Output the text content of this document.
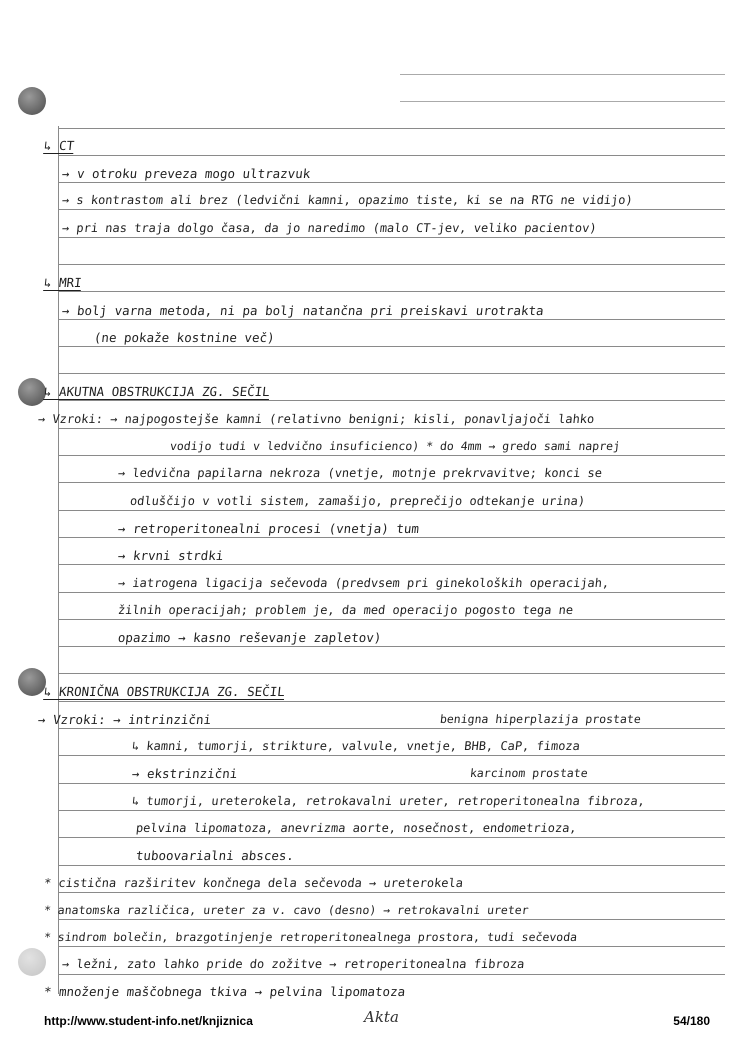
↳ CT
→ v otroku preveza mogo ultrazvuk
→ s kontrastom ali brez (ledvični kamni, opazimo tiste, ki se na RTG ne vidijo)
→ pri nas traja dolgo časa, da jo naredimo (malo CT-jev, veliko pacientov)
↳ MRI
→ bolj varna metoda, ni pa bolj natančna pri preiskavi urotrakta
(ne pokaže kostnine več)
↳ AKUTNA OBSTRUKCIJA ZG. SEČIL
→ Vzroki: → najpogostejše kamni (relativno benigni; kisli, ponavljajoči lahko
vodijo tudi v ledvično insuficienco) * do 4mm → gredo sami naprej
→ ledvična papilarna nekroza (vnetje, motnje prekrvavitve; konci se
odluščijo v votli sistem, zamašijo, preprečijo odtekanje urina)
→ retroperitonealni procesi (vnetja) tum
→ krvni strdki
→ iatrogena ligacija sečevoda (predvsem pri ginekoloških operacijah,
žilnih operacijah; problem je, da med operacijo pogosto tega ne
opazimo → kasno reševanje zapletov)
↳ KRONIČNA OBSTRUKCIJA ZG. SEČIL
→ Vzroki: → intrinzični	benigna hiperplazija prostate
↳ kamni, tumorji, strikture, valvule, vnetje, BHB, CaP, fimoza
→ ekstrinzični	karcinom prostate
↳ tumorji, ureterokela, retrokavalni ureter, retroperitonealna fibroza,
pelvina lipomatoza, anevrizma aorte, nosečnost, endometrioza,
tuboovarialni absces.
* cistična razširitev končnega dela sečevoda → ureterokela
* anatomska različica, ureter za v. cavo (desno) → retrokavalni ureter
* sindrom bolečin, brazgotinjenje retroperitonealnega prostora, tudi sečevoda
→ ležni, zato lahko pride do zožitve → retroperitonealna fibroza
* množenje maščobnega tkiva → pelvina lipomatoza
http://www.student-info.net/knjiznica	Akta	54/180
